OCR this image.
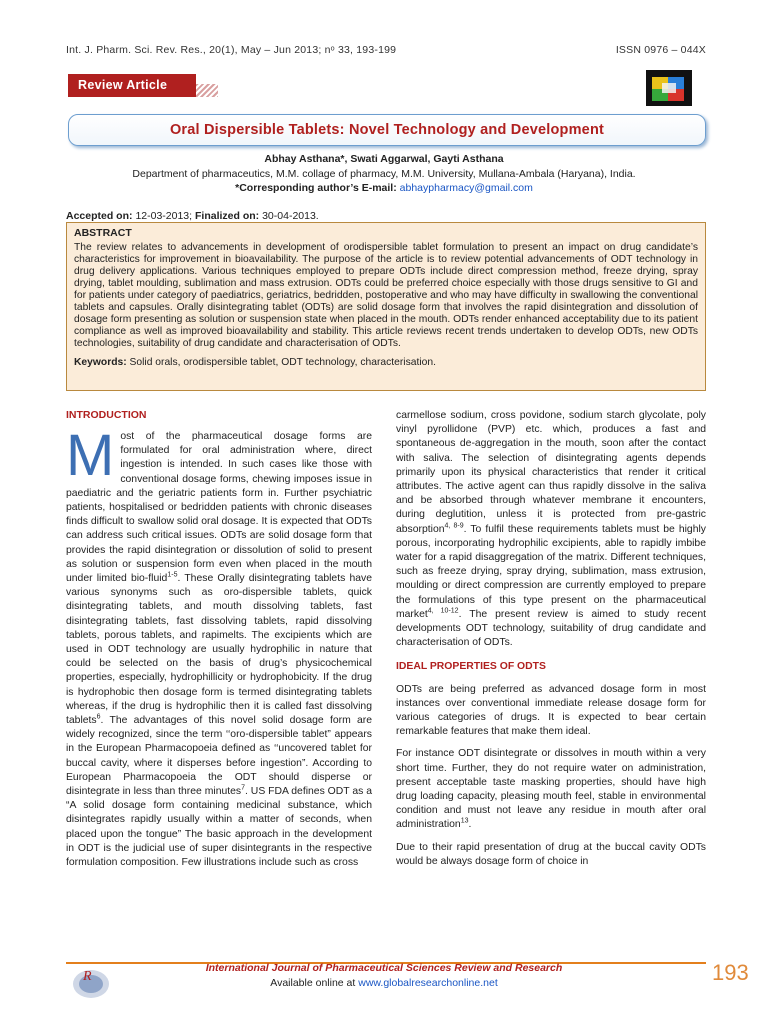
Int. J. Pharm. Sci. Rev. Res., 20(1), May – Jun 2013; nᵒ 33, 193-199	ISSN 0976 – 044X
Review Article
Oral Dispersible Tablets: Novel Technology and Development
Abhay Asthana*, Swati Aggarwal, Gayti Asthana
Department of pharmaceutics, M.M. collage of pharmacy, M.M. University, Mullana-Ambala (Haryana), India.
*Corresponding author’s E-mail: abhaypharmacy@gmail.com
Accepted on: 12-03-2013; Finalized on: 30-04-2013.
ABSTRACT
The review relates to advancements in development of orodispersible tablet formulation to present an impact on drug candidate’s characteristics for improvement in bioavailability. The purpose of the article is to review potential advancements of ODT technology in drug delivery applications. Various techniques employed to prepare ODTs include direct compression method, freeze drying, spray drying, tablet moulding, sublimation and mass extrusion. ODTs could be preferred choice especially with those drugs sensitive to GI and for patients under category of paediatrics, geriatrics, bedridden, postoperative and who may have difficulty in swallowing the conventional tablets and capsules. Orally disintegrating tablet (ODTs) are solid dosage form that involves the rapid disintegration and dissolution of dosage form presenting as solution or suspension state when placed in the mouth. ODTs render enhanced acceptability due to its patient compliance as well as improved bioavailability and stability. This article reviews recent trends undertaken to develop ODTs, new ODTs technologies, suitability of drug candidate and characterisation of ODTs.
Keywords: Solid orals, orodispersible tablet, ODT technology, characterisation.
INTRODUCTION

Most of the pharmaceutical dosage forms are formulated for oral administration where, direct ingestion is intended. In such cases like those with conventional dosage forms, chewing imposes issue in paediatric and the geriatric patients form in. Further psychiatric patients, hospitalised or bedridden patients with chronic diseases finds difficult to swallow solid oral dosage. It is expected that ODTs can address such critical issues. ODTs are solid dosage form that provides the rapid disintegration or dissolution of solid to present as solution or suspension form even when placed in the mouth under limited bio-fluid$^{1-5}$. These Orally disintegrating tablets have various synonyms such as oro-dispersible tablets, quick disintegrating tablets, and mouth dissolving tablets, fast disintegrating tablets, fast dissolving tablets, rapid dissolving tablets, porous tablets, and rapimelts. The excipients which are used in ODT technology are usually hydrophilic in nature that could be selected on the basis of drug’s physicochemical properties, especially, hydrophillicity or hydrophobicity. If the drug is hydrophobic then dosage form is termed disintegrating tablets whereas, if the drug is hydrophilic then it is called fast dissolving tablets$^6$. The advantages of this novel solid dosage form are widely recognized, since the term ‘‘oro-dispersible tablet” appears in the European Pharmacopoeia defined as ‘‘uncovered tablet for buccal cavity, where it disperses before ingestion”. According to European Pharmacopoeia the ODT should disperse or disintegrate in less than three minutes$^7$. US FDA defines ODT as a “A solid dosage form containing medicinal substance, which disintegrates rapidly usually within a matter of seconds, when placed upon the tongue” The basic approach in the development in ODT is the judicial use of super disintegrants in the respective formulation composition. Few illustrations include such as cross

carmellose sodium, cross povidone, sodium starch glycolate, poly vinyl pyrollidone (PVP) etc. which, produces a fast and spontaneous de-aggregation in the mouth, soon after the contact with saliva. The selection of disintegrating agents depends primarily upon its physical characteristics that render it critical attributes. The active agent can thus rapidly dissolve in the saliva and be absorbed through whatever membrane it encounters, during deglutition, unless it is protected from pre-gastric absorption$^{4, 8-9}$. To fulfil these requirements tablets must be highly porous, incorporating hydrophilic excipients, able to rapidly imbibe water for a rapid disaggregation of the matrix. Different techniques, such as freeze drying, spray drying, sublimation, mass extrusion, moulding or direct compression are currently employed to prepare the formulations of this type present on the pharmaceutical market$^{4, 10-12}$. The present review is aimed to study recent developments ODT technology, suitability of drug candidate and characterisation of ODTs.

IDEAL PROPERTIES OF ODTS

ODTs are being preferred as advanced dosage form in most instances over conventional immediate release dosage form for various categories of drugs. It is expected to bear certain remarkable features that make them ideal.

For instance ODT disintegrate or dissolves in mouth within a very short time. Further, they do not require water on administration, present acceptable taste masking properties, should have high drug loading capacity, pleasing mouth feel, stable in environmental condition and must not leave any residue in mouth after oral administration$^{13}$.

Due to their rapid presentation of drug at the buccal cavity ODTs would be always dosage form of choice in

R
International Journal of Pharmaceutical Sciences Review and Research
Available online at www.globalresearchonline.net	193
